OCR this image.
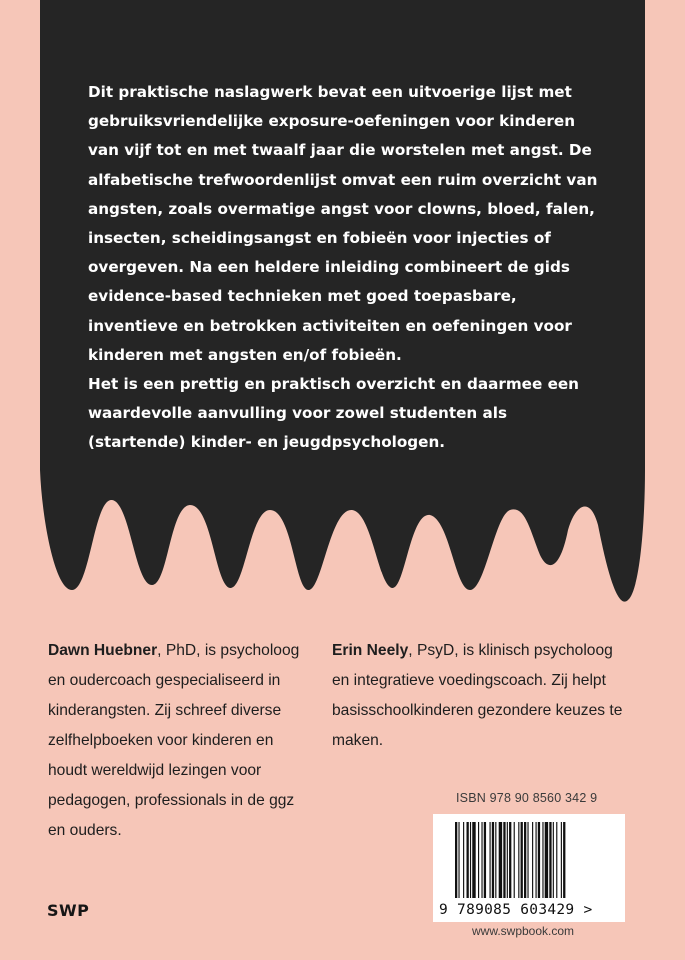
Dit praktische naslagwerk bevat een uitvoerige lijst met gebruiksvriendelijke exposure-oefeningen voor kinderen van vijf tot en met twaalf jaar die worstelen met angst. De alfabetische trefwoordenlijst omvat een ruim overzicht van angsten, zoals overmatige angst voor clowns, bloed, falen, insecten, scheidingsangst en fobieën voor injecties of overgeven. Na een heldere inleiding combineert de gids evidence-based technieken met goed toepasbare, inventieve en betrokken activiteiten en oefeningen voor kinderen met angsten en/of fobieën.

Het is een prettig en praktisch overzicht en daarmee een waardevolle aanvulling voor zowel studenten als (startende) kinder- en jeugdpsychologen.

Dawn Huebner, PhD, is psycholoog en oudercoach gespecialiseerd in kinderangsten. Zij schreef diverse zelfhelpboeken voor kinderen en houdt wereldwijd lezingen voor pedagogen, professionals in de ggz en ouders.
Erin Neely, PsyD, is klinisch psycholoog en integratieve voedingscoach. Zij helpt basisschoolkinderen gezondere keuzes te maken.
ISBN 978 90 8560 342 9
9 789085 603429 >
SWP
www.swpbook.com
